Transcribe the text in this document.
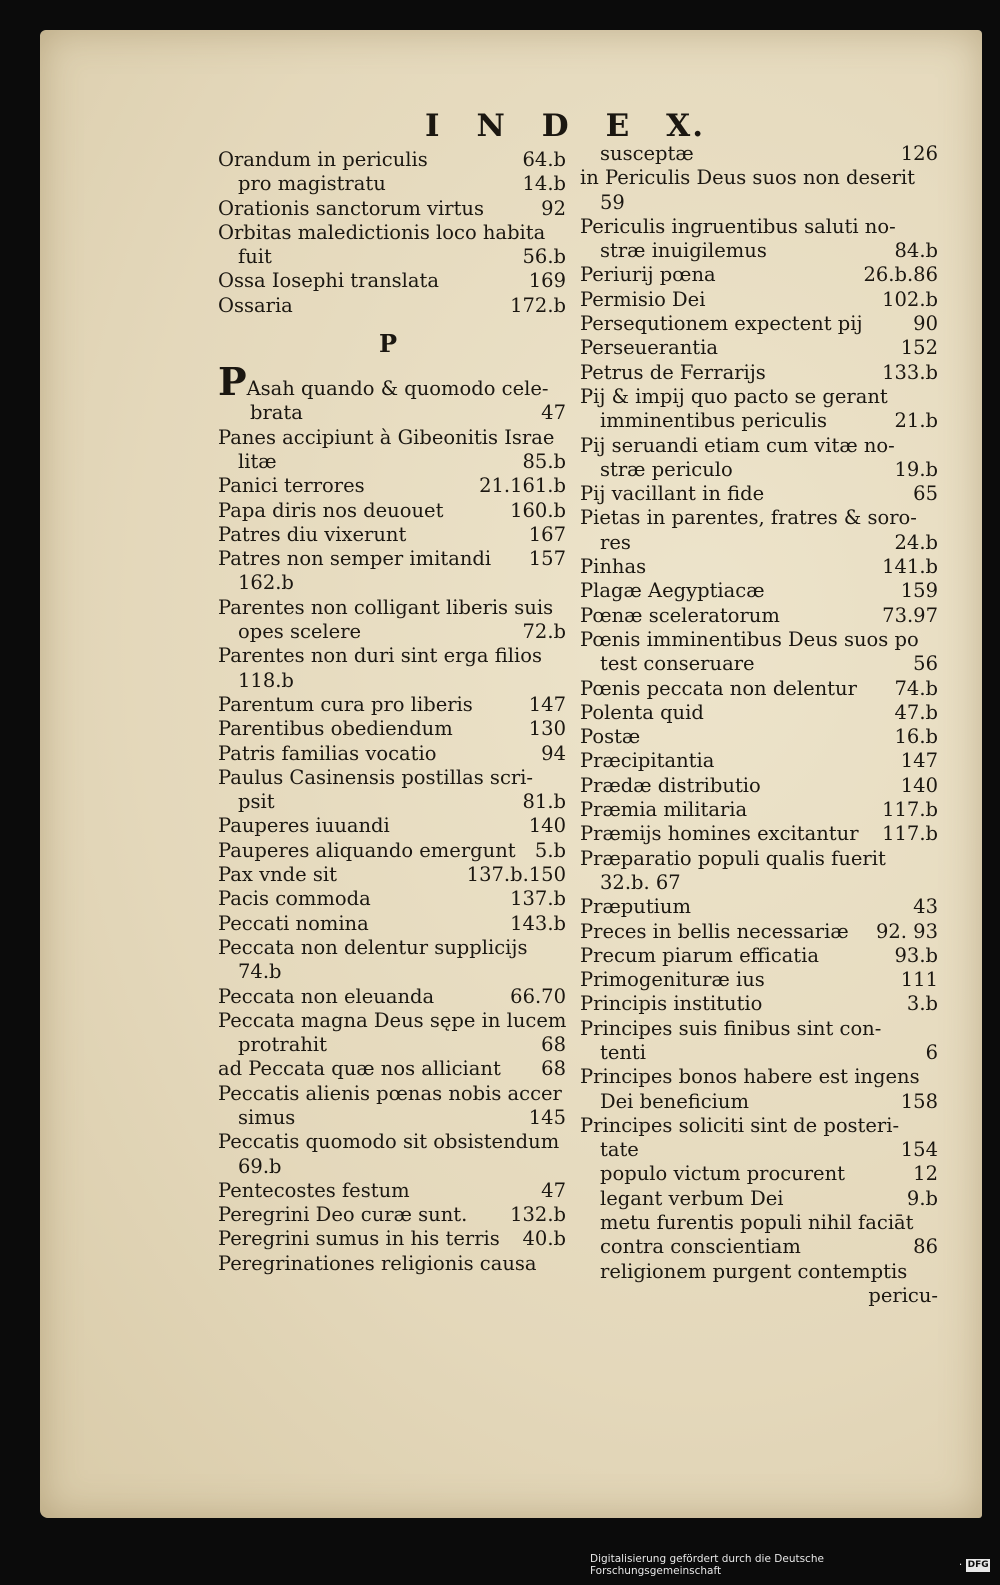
I N D E X.
Orandum in periculis	64.b
pro magistratu	14.b
Orationis sanctorum virtus	92
Orbitas maledictionis loco habita
fuit	56.b
Ossa Iosephi translata	169
Ossaria	172.b
P
PAsah quando & quomodo cele-
brata	47
Panes accipiunt à Gibeonitis Israe
litæ	85.b
Panici terrores	21.161.b
Papa diris nos deuouet	160.b
Patres diu vixerunt	167
Patres non semper imitandi	157
162.b
Parentes non colligant liberis suis
opes scelere	72.b
Parentes non duri sint erga filios
118.b
Parentum cura pro liberis	147
Parentibus obediendum	130
Patris familias vocatio	94
Paulus Casinensis postillas scri-
psit	81.b
Pauperes iuuandi	140
Pauperes aliquando emergunt 5.b
Pax vnde sit	137.b.150
Pacis commoda	137.b
Peccati nomina	143.b
Peccata non delentur supplicijs
74.b
Peccata non eleuanda	66.70
Peccata magna Deus sępe in lucem
protrahit	68
ad Peccata quæ nos alliciant	68
Peccatis alienis pœnas nobis accer
simus	145
Peccatis quomodo sit obsistendum
69.b
Pentecostes festum	47
Peregrini Deo curæ sunt.	132.b
Peregrini sumus in his terris	40.b
Peregrinationes religionis causa
susceptæ	126
in Periculis Deus suos non deserit
59
Periculis ingruentibus saluti no-
stræ inuigilemus	84.b
Periurij pœna	26.b.86
Permisio Dei	102.b
Persequtionem expectent pij	90
Perseuerantia	152
Petrus de Ferrarijs	133.b
Pij & impij quo pacto se gerant
imminentibus periculis	21.b
Pij seruandi etiam cum vitæ no-
stræ periculo	19.b
Pij vacillant in fide	65
Pietas in parentes, fratres & soro-
res	24.b
Pinhas	141.b
Plagæ Aegyptiacæ	159
Pœnæ sceleratorum	73.97
Pœnis imminentibus Deus suos po
test conseruare	56
Pœnis peccata non delentur	74.b
Polenta quid	47.b
Postæ	16.b
Præcipitantia	147
Prædæ distributio	140
Præmia militaria	117.b
Præmijs homines excitantur	117.b
Præparatio populi qualis fuerit
32.b. 67
Præputium	43
Preces in bellis necessariæ	92. 93
Precum piarum efficatia	93.b
Primogenituræ ius	111
Principis institutio	3.b
Principes suis finibus sint con-
tenti	6
Principes bonos habere est ingens
Dei beneficium	158
Principes soliciti sint de posteri-
tate	154
populo victum procurent	12
legant verbum Dei	9.b
metu furentis populi nihil faciāt
contra conscientiam	86
religionem purgent contemptis
pericu-
Digitalisierung gefördert durch die Deutsche Forschungsgemeinschaft	· DFG
